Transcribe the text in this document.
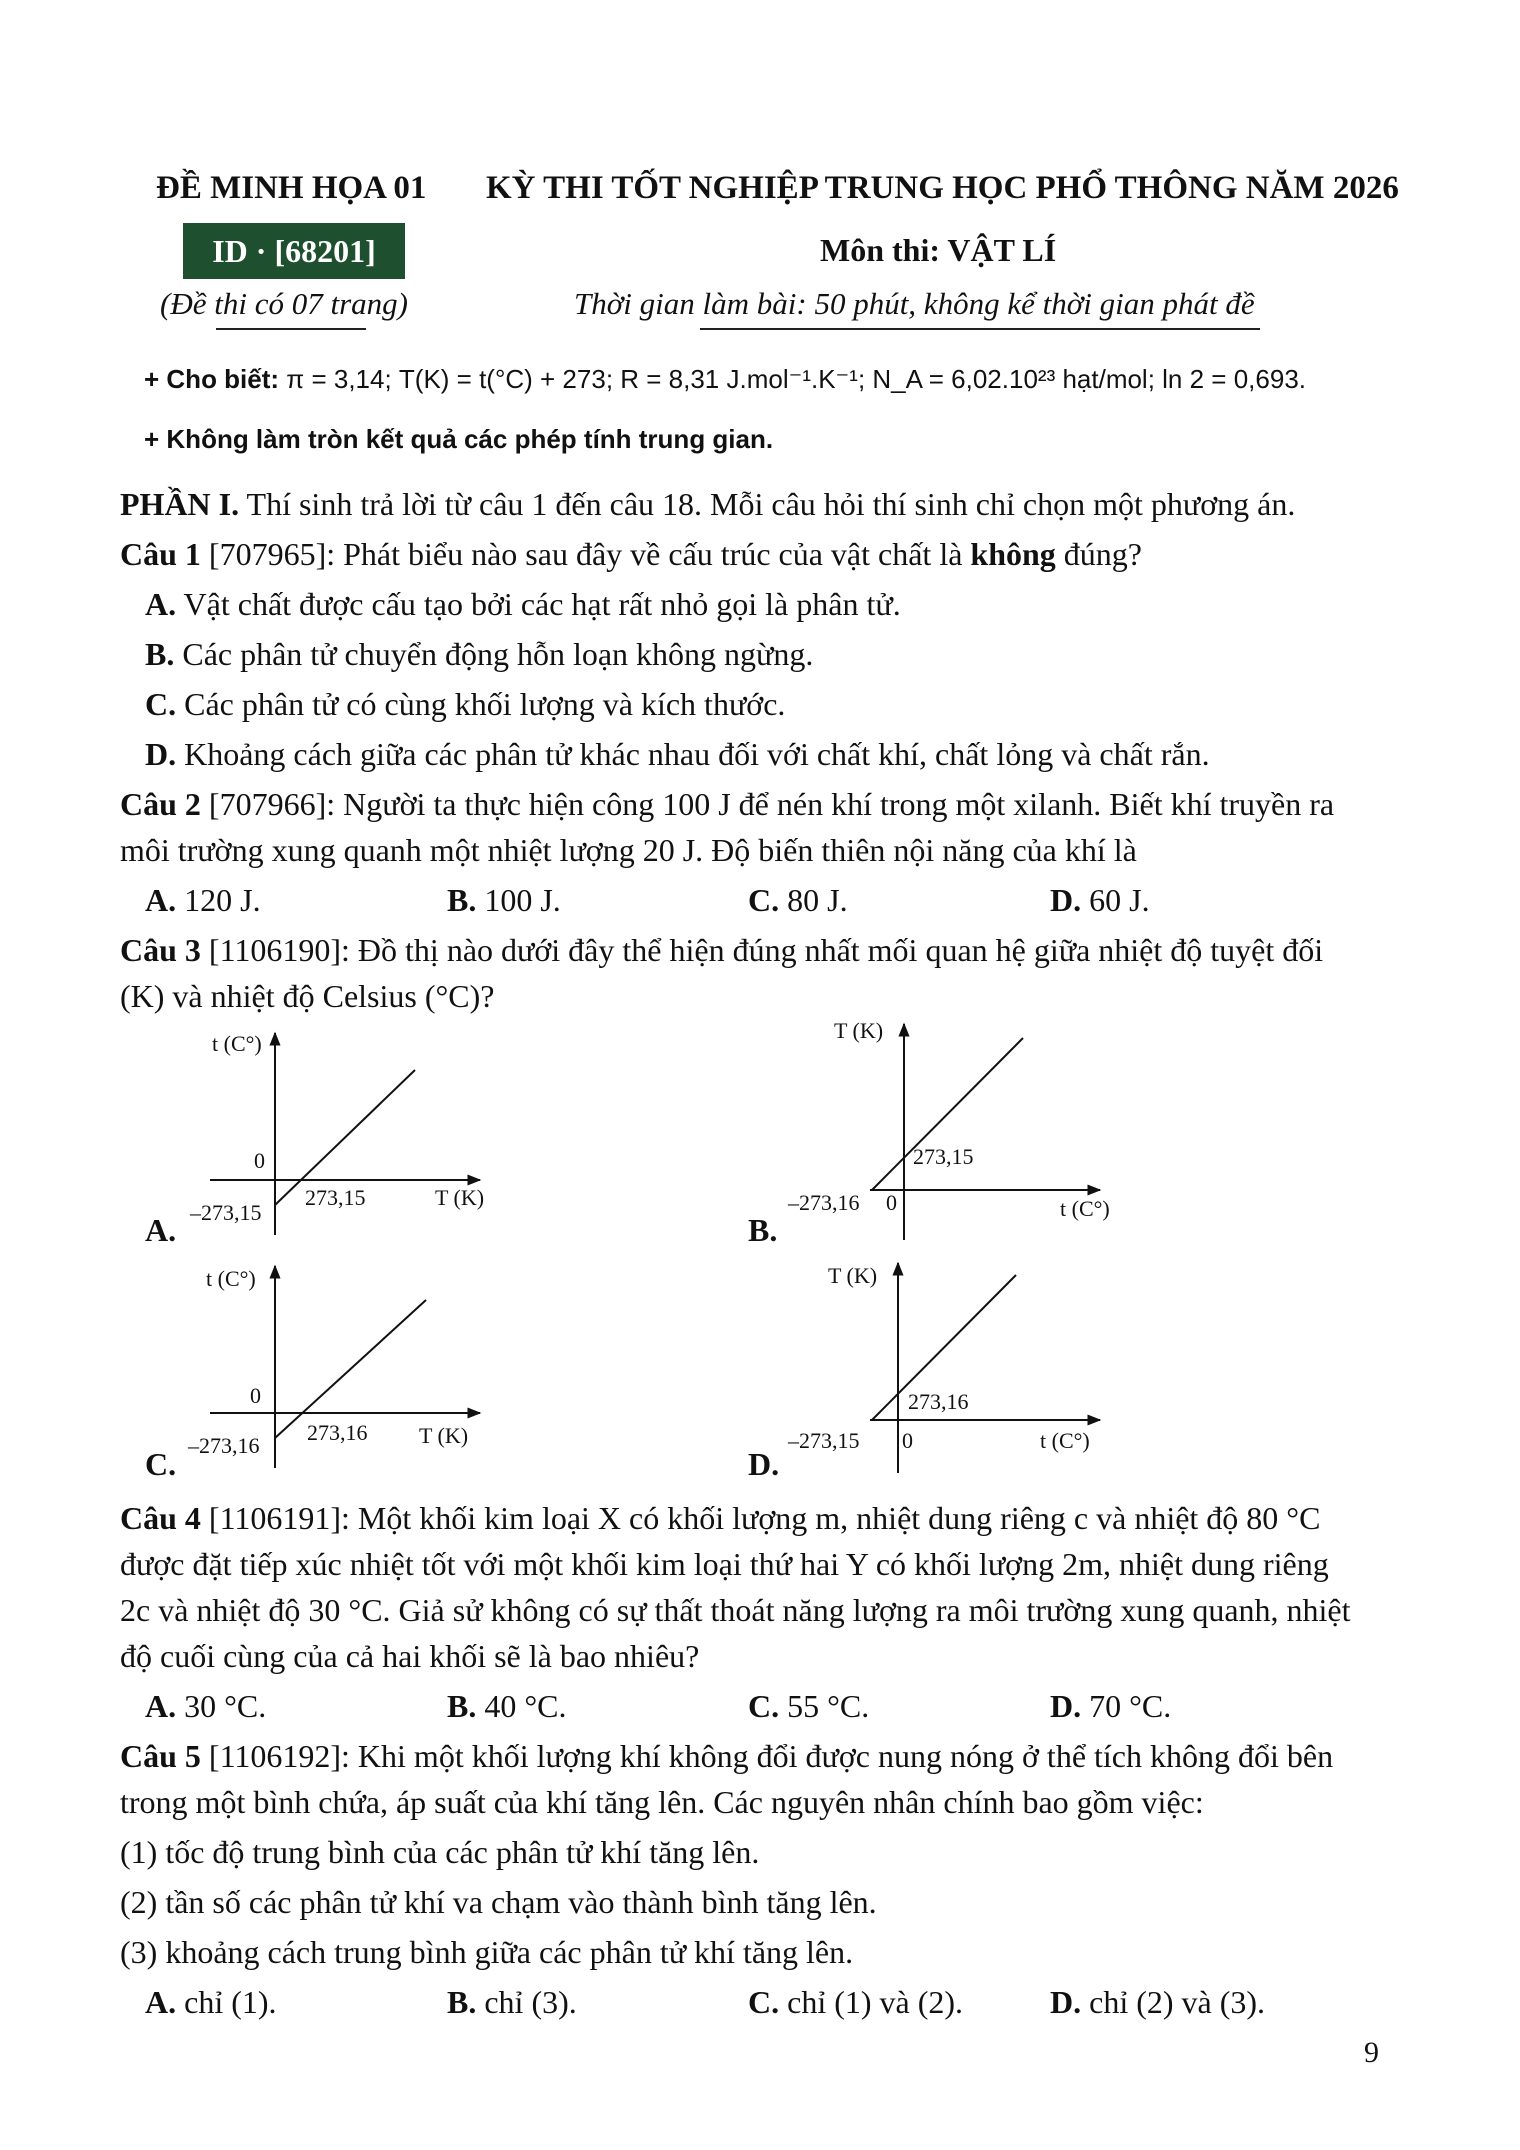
ĐỀ MINH HỌA 01 KỲ THI TỐT NGHIỆP TRUNG HỌC PHỔ THÔNG NĂM 2026
ID · [68201]	Môn thi: VẬT LÍ
(Đề thi có 07 trang)	Thời gian làm bài: 50 phút, không kể thời gian phát đề
+ Cho biết: π = 3,14; T(K) = t(°C) + 273; R = 8,31 J.mol⁻¹.K⁻¹; N_A = 6,02.10²³ hạt/mol; ln 2 = 0,693.
+ Không làm tròn kết quả các phép tính trung gian.
PHẦN I. Thí sinh trả lời từ câu 1 đến câu 18. Mỗi câu hỏi thí sinh chỉ chọn một phương án.
Câu 1 [707965]: Phát biểu nào sau đây về cấu trúc của vật chất là không đúng?
A. Vật chất được cấu tạo bởi các hạt rất nhỏ gọi là phân tử.
B. Các phân tử chuyển động hỗn loạn không ngừng.
C. Các phân tử có cùng khối lượng và kích thước.
D. Khoảng cách giữa các phân tử khác nhau đối với chất khí, chất lỏng và chất rắn.
Câu 2 [707966]: Người ta thực hiện công 100 J để nén khí trong một xilanh. Biết khí truyền ra
môi trường xung quanh một nhiệt lượng 20 J. Độ biến thiên nội năng của khí là
A. 120 J.	B. 100 J.	C. 80 J.	D. 60 J.
Câu 3 [1106190]: Đồ thị nào dưới đây thể hiện đúng nhất mối quan hệ giữa nhiệt độ tuyệt đối
(K) và nhiệt độ Celsius (°C)?
t (C°)
0
–273,15
273,15	T (K)
A.
T (K)
273,15
–273,16 0	t (C°)
B.
t (C°)
0
–273,16
273,16 T (K)
C.
T (K)
273,16
–273,15 0	t (C°)
D.
Câu 4 [1106191]: Một khối kim loại X có khối lượng m, nhiệt dung riêng c và nhiệt độ 80 °C
được đặt tiếp xúc nhiệt tốt với một khối kim loại thứ hai Y có khối lượng 2m, nhiệt dung riêng
2c và nhiệt độ 30 °C. Giả sử không có sự thất thoát năng lượng ra môi trường xung quanh, nhiệt
độ cuối cùng của cả hai khối sẽ là bao nhiêu?
A. 30 °C.	B. 40 °C.	C. 55 °C.	D. 70 °C.
Câu 5 [1106192]: Khi một khối lượng khí không đổi được nung nóng ở thể tích không đổi bên
trong một bình chứa, áp suất của khí tăng lên. Các nguyên nhân chính bao gồm việc:
(1) tốc độ trung bình của các phân tử khí tăng lên.
(2) tần số các phân tử khí va chạm vào thành bình tăng lên.
(3) khoảng cách trung bình giữa các phân tử khí tăng lên.
A. chỉ (1).	B. chỉ (3).	C. chỉ (1) và (2).	D. chỉ (2) và (3).
9
